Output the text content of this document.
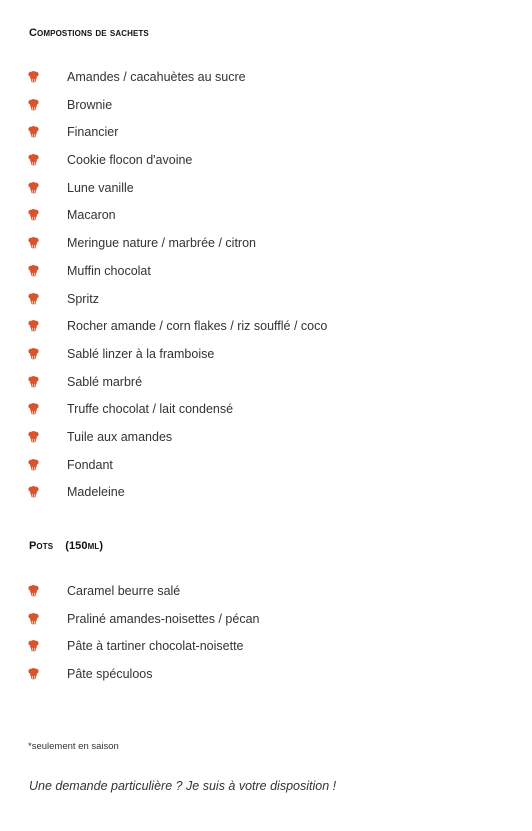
Compostions de sachets
Amandes / cacahuètes au sucre
Brownie
Financier
Cookie flocon d'avoine
Lune vanille
Macaron
Meringue nature / marbrée / citron
Muffin chocolat
Spritz
Rocher amande / corn flakes / riz soufflé / coco
Sablé linzer à la framboise
Sablé marbré
Truffe chocolat / lait condensé
Tuile aux amandes
Fondant
Madeleine
Pots (150ml)
Caramel beurre salé
Praliné amandes-noisettes / pécan
Pâte à tartiner chocolat-noisette
Pâte spéculoos
*seulement en saison
Une demande particulière ? Je suis à votre disposition !
